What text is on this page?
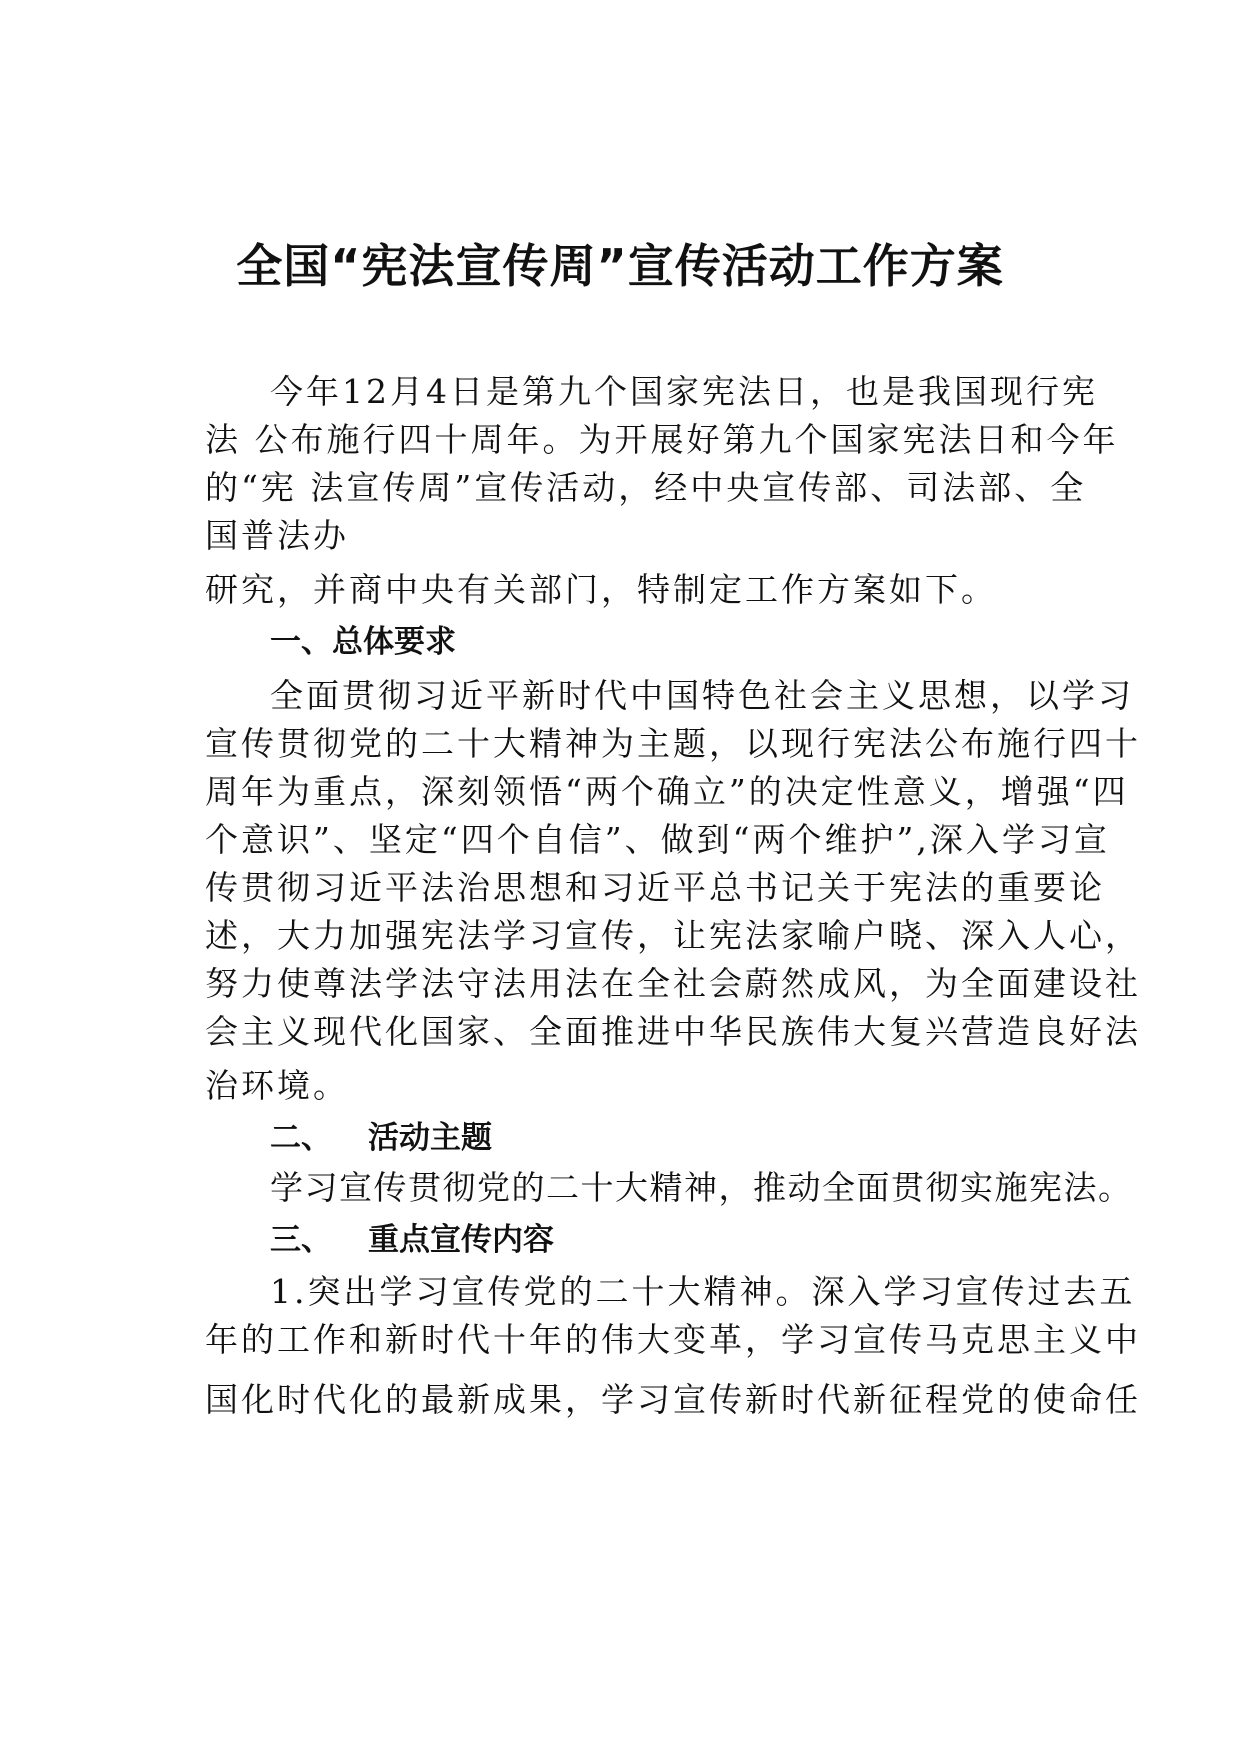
全国“宪法宣传周”宣传活动工作方案
今年12月4日是第九个国家宪法日，也是我国现行宪
法 公布施行四十周年。为开展好第九个国家宪法日和今年
的“宪 法宣传周”宣传活动，经中央宣传部、司法部、全
国普法办
研究，并商中央有关部门，特制定工作方案如下。
一、总体要求
全面贯彻习近平新时代中国特色社会主义思想，以学习
宣传贯彻党的二十大精神为主题，以现行宪法公布施行四十
周年为重点，深刻领悟“两个确立”的决定性意义，增强“四
个意识”、坚定“四个自信”、做到“两个维护”,深入学习宣
传贯彻习近平法治思想和习近平总书记关于宪法的重要论
述，大力加强宪法学习宣传，让宪法家喻户晓、深入人心，
努力使尊法学法守法用法在全社会蔚然成风，为全面建设社
会主义现代化国家、全面推进中华民族伟大复兴营造良好法
治环境。
二、 活动主题
学习宣传贯彻党的二十大精神，推动全面贯彻实施宪法。
三、 重点宣传内容
1.突出学习宣传党的二十大精神。深入学习宣传过去五
年的工作和新时代十年的伟大变革，学习宣传马克思主义中
国化时代化的最新成果，学习宣传新时代新征程党的使命任
